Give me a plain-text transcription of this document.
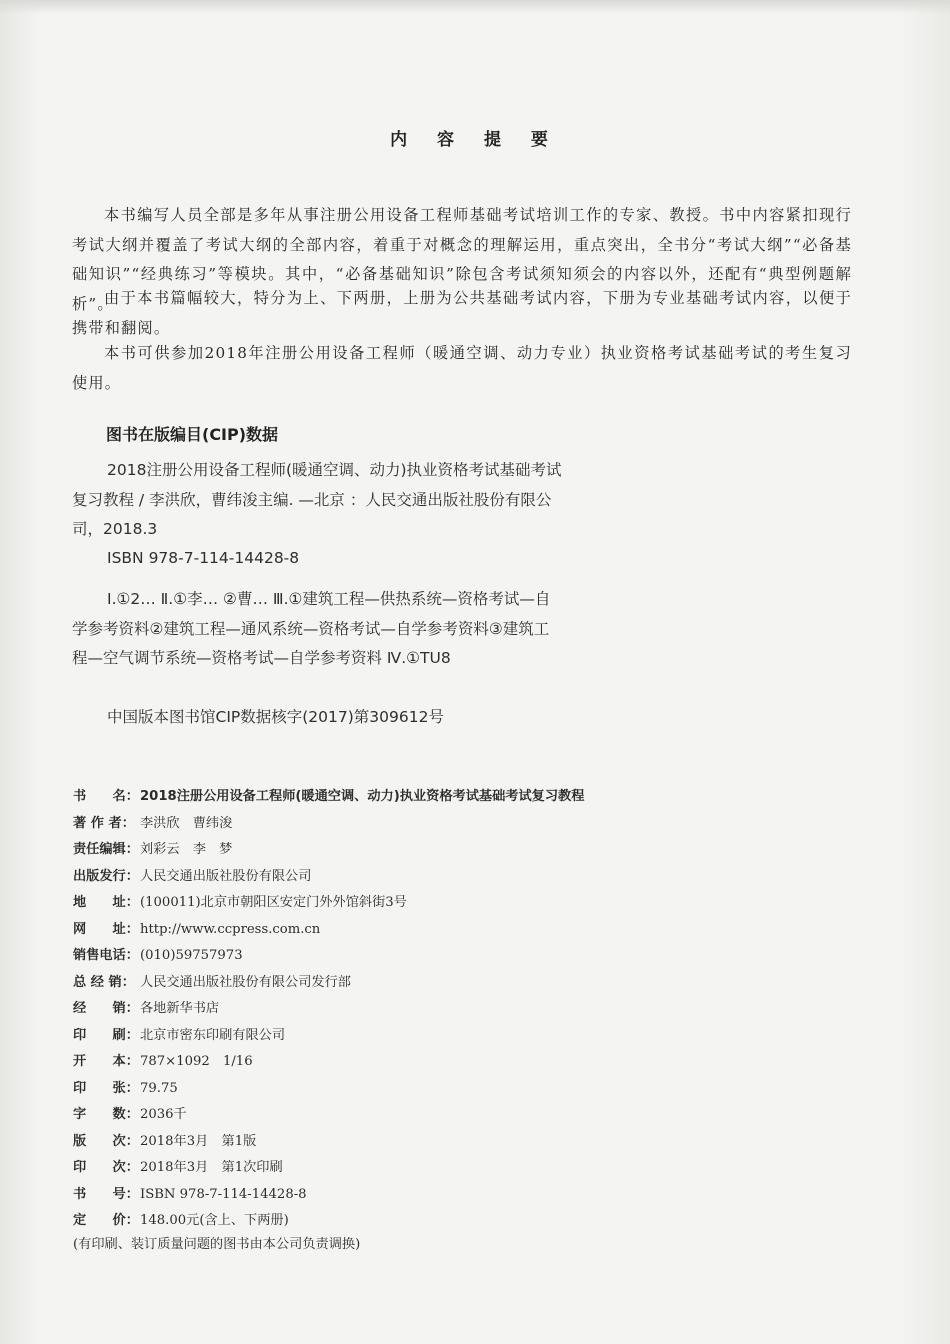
内 容 提 要

本书编写人员全部是多年从事注册公用设备工程师基础考试培训工作的专家、教授。书中内容紧扣现行考试大纲并覆盖了考试大纲的全部内容，着重于对概念的理解运用，重点突出，全书分“考试大纲”“必备基础知识”“经典练习”等模块。其中，“必备基础知识”除包含考试须知须会的内容以外，还配有“典型例题解析”。

由于本书篇幅较大，特分为上、下两册，上册为公共基础考试内容，下册为专业基础考试内容，以便于携带和翻阅。

本书可供参加2018年注册公用设备工程师（暖通空调、动力专业）执业资格考试基础考试的考生复习使用。

图书在版编目(CIP)数据

2018注册公用设备工程师(暖通空调、动力)执业资格考试基础考试复习教程 / 李洪欣，曹纬浚主编. —北京 ：人民交通出版社股份有限公司，2018.3

ISBN 978-7-114-14428-8

Ⅰ.①2… Ⅱ.①李… ②曹… Ⅲ.①建筑工程—供热系统—资格考试—自学参考资料②建筑工程—通风系统—资格考试—自学参考资料③建筑工程—空气调节系统—资格考试—自学参考资料 Ⅳ.①TU8

中国版本图书馆CIP数据核字(2017)第309612号

书　　名：2018注册公用设备工程师(暖通空调、动力)执业资格考试基础考试复习教程
著 作 者： 李洪欣　曹纬浚
责任编辑：刘彩云　李　梦
出版发行：人民交通出版社股份有限公司
地　　址：(100011)北京市朝阳区安定门外外馆斜街3号
网　　址：http://www.ccpress.com.cn
销售电话：(010)59757973
总 经 销： 人民交通出版社股份有限公司发行部
经　　销：各地新华书店
印　　刷：北京市密东印刷有限公司
开　　本：787×1092　1/16
印　　张：79.75
字　　数：2036千
版　　次：2018年3月　第1版
印　　次：2018年3月　第1次印刷
书　　号：ISBN 978-7-114-14428-8
定　　价：148.00元(含上、下两册)
(有印刷、装订质量问题的图书由本公司负责调换)
